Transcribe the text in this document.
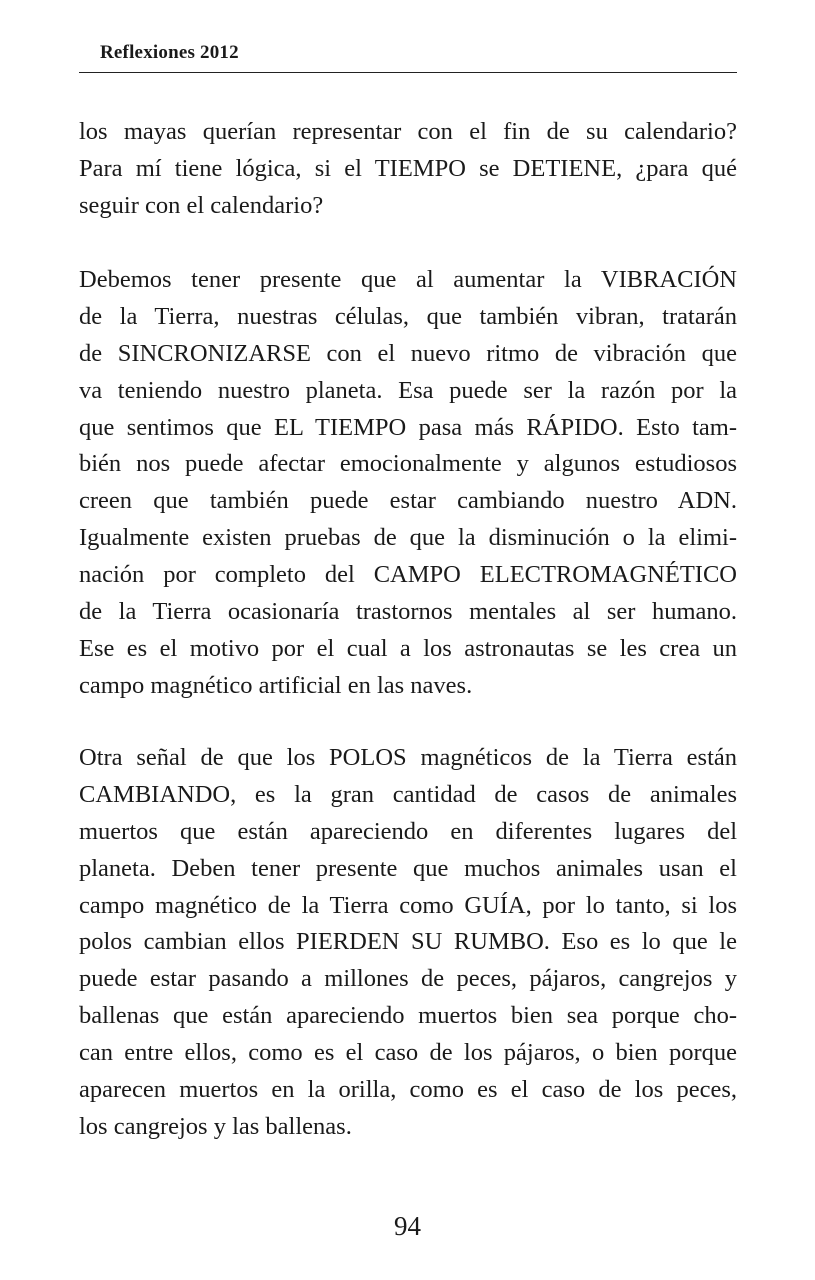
Reflexiones 2012
los mayas querían representar con el fin de su calendario?
Para mí tiene lógica, si el TIEMPO se DETIENE, ¿para qué
seguir con el calendario?
Debemos tener presente que al aumentar la VIBRACIÓN
de la Tierra, nuestras células, que también vibran, tratarán
de SINCRONIZARSE con el nuevo ritmo de vibración que
va teniendo nuestro planeta. Esa puede ser la razón por la
que sentimos que EL TIEMPO pasa más RÁPIDO. Esto tam-
bién nos puede afectar emocionalmente y algunos estudiosos
creen que también puede estar cambiando nuestro ADN.
Igualmente existen pruebas de que la disminución o la elimi-
nación por completo del CAMPO ELECTROMAGNÉTICO
de la Tierra ocasionaría trastornos mentales al ser humano.
Ese es el motivo por el cual a los astronautas se les crea un
campo magnético artificial en las naves.
Otra señal de que los POLOS magnéticos de la Tierra están
CAMBIANDO, es la gran cantidad de casos de animales
muertos que están apareciendo en diferentes lugares del
planeta. Deben tener presente que muchos animales usan el
campo magnético de la Tierra como GUÍA, por lo tanto, si los
polos cambian ellos PIERDEN SU RUMBO. Eso es lo que le
puede estar pasando a millones de peces, pájaros, cangrejos y
ballenas que están apareciendo muertos bien sea porque cho-
can entre ellos, como es el caso de los pájaros, o bien porque
aparecen muertos en la orilla, como es el caso de los peces,
los cangrejos y las ballenas.
94
